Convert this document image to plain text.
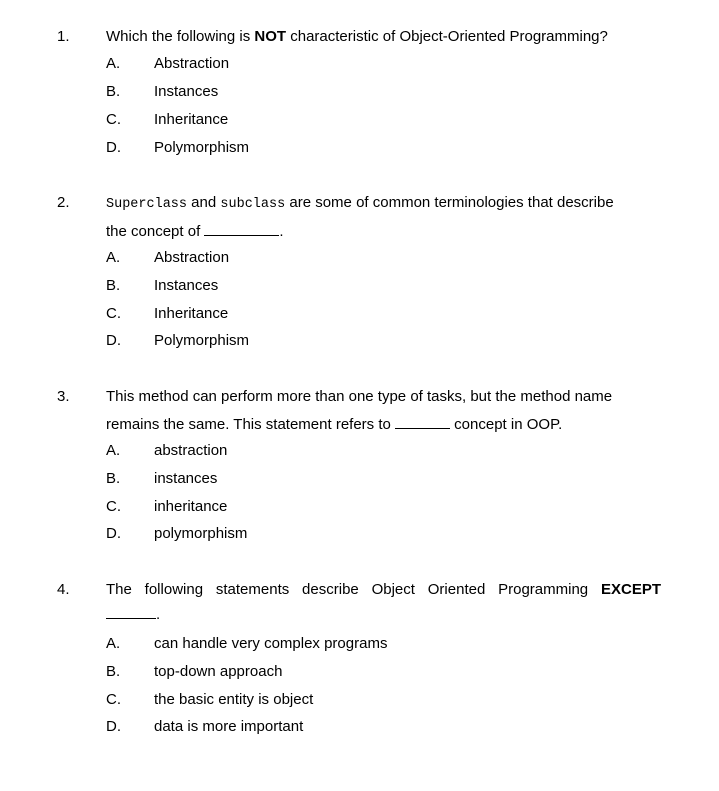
1. Which the following is NOT characteristic of Object-Oriented Programming?
A. Abstraction
B. Instances
C. Inheritance
D. Polymorphism
2.	Superclass and subclass are some of common terminologies that describe
the concept of	.
A. Abstraction
B. Instances
C. Inheritance
D. Polymorphism
3. This method can perform more than one type of tasks, but the method name
remains the same. This statement refers to	concept in OOP.
A. abstraction
B. instances
C. inheritance
D. polymorphism
4. The following statements describe Object Oriented Programming EXCEPT
.
A. can handle very complex programs
B. top-down approach
C. the basic entity is object
D. data is more important
